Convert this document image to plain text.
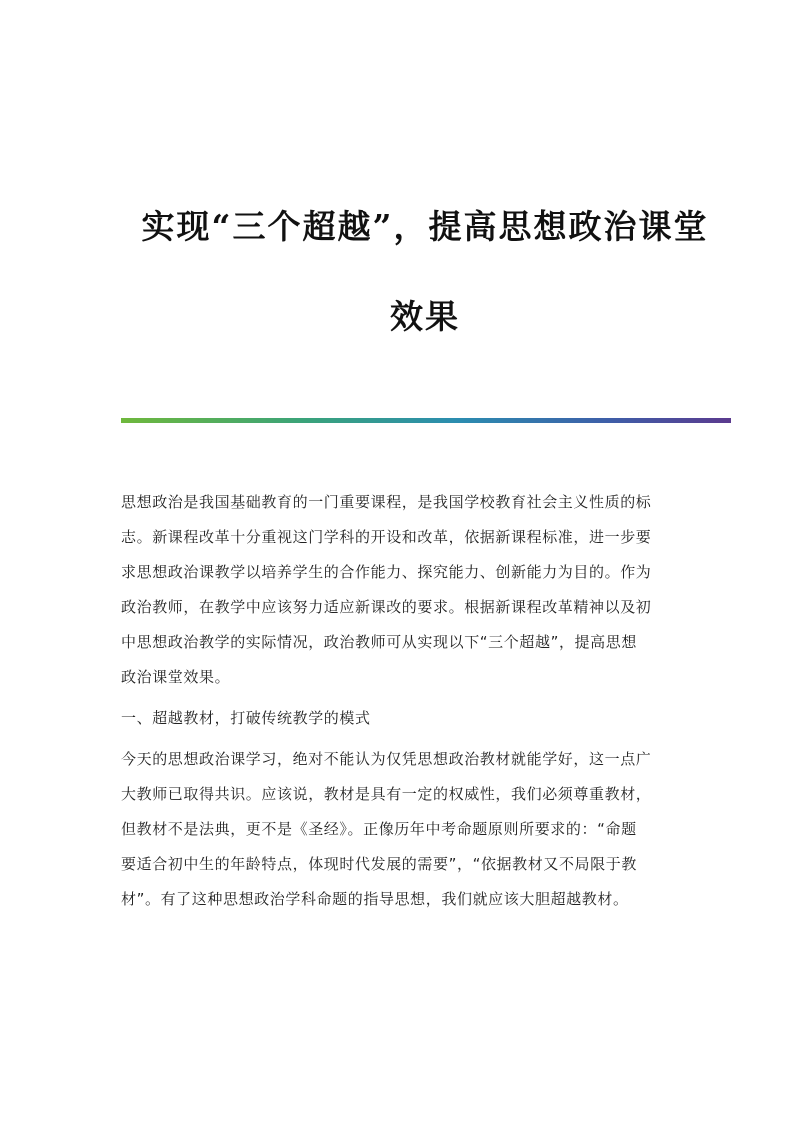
实现“三个超越”，提高思想政治课堂
效果
思想政治是我国基础教育的一门重要课程，是我国学校教育社会主义性质的标
志。新课程改革十分重视这门学科的开设和改革，依据新课程标准，进一步要
求思想政治课教学以培养学生的合作能力、探究能力、创新能力为目的。作为
政治教师，在教学中应该努力适应新课改的要求。根据新课程改革精神以及初
中思想政治教学的实际情况，政治教师可从实现以下“三个超越”，提高思想
政治课堂效果。
一、超越教材，打破传统教学的模式
今天的思想政治课学习，绝对不能认为仅凭思想政治教材就能学好，这一点广
大教师已取得共识。应该说，教材是具有一定的权威性，我们必须尊重教材，
但教材不是法典，更不是《圣经》。正像历年中考命题原则所要求的：“命题
要适合初中生的年龄特点，体现时代发展的需要”，“依据教材又不局限于教
材”。有了这种思想政治学科命题的指导思想，我们就应该大胆超越教材。
